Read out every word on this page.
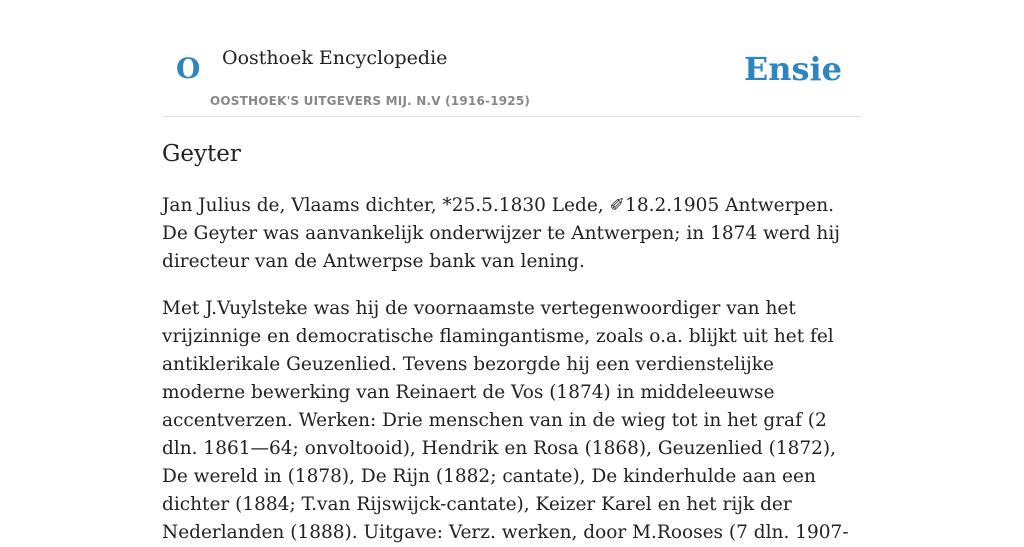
O Oosthoek Encyclopedie
OOSTHOEK'S UITGEVERS MIJ. N.V (1916-1925)
Ensie
Geyter

Jan Julius de, Vlaams dichter, *25.5.1830 Lede, ✐18.2.1905 Antwerpen. De Geyter was aanvankelijk onderwijzer te Antwerpen; in 1874 werd hij directeur van de Antwerpse bank van lening.

Met J.Vuylsteke was hij de voornaamste vertegenwoordiger van het vrijzinnige en democratische flamingantisme, zoals o.a. blijkt uit het fel antiklerikale Geuzenlied. Tevens bezorgde hij een verdienstelijke moderne bewerking van Reinaert de Vos (1874) in middeleeuwse accentverzen. Werken: Drie menschen van in de wieg tot in het graf (2 dln. 1861—64; onvoltooid), Hendrik en Rosa (1868), Geuzenlied (1872), De wereld in (1878), De Rijn (1882; cantate), De kinderhulde aan een dichter (1884; T.van Rijswijck-cantate), Keizer Karel en het rijk der Nederlanden (1888). Uitgave: Verz. werken, door M.Rooses (7 dln. 1907-
